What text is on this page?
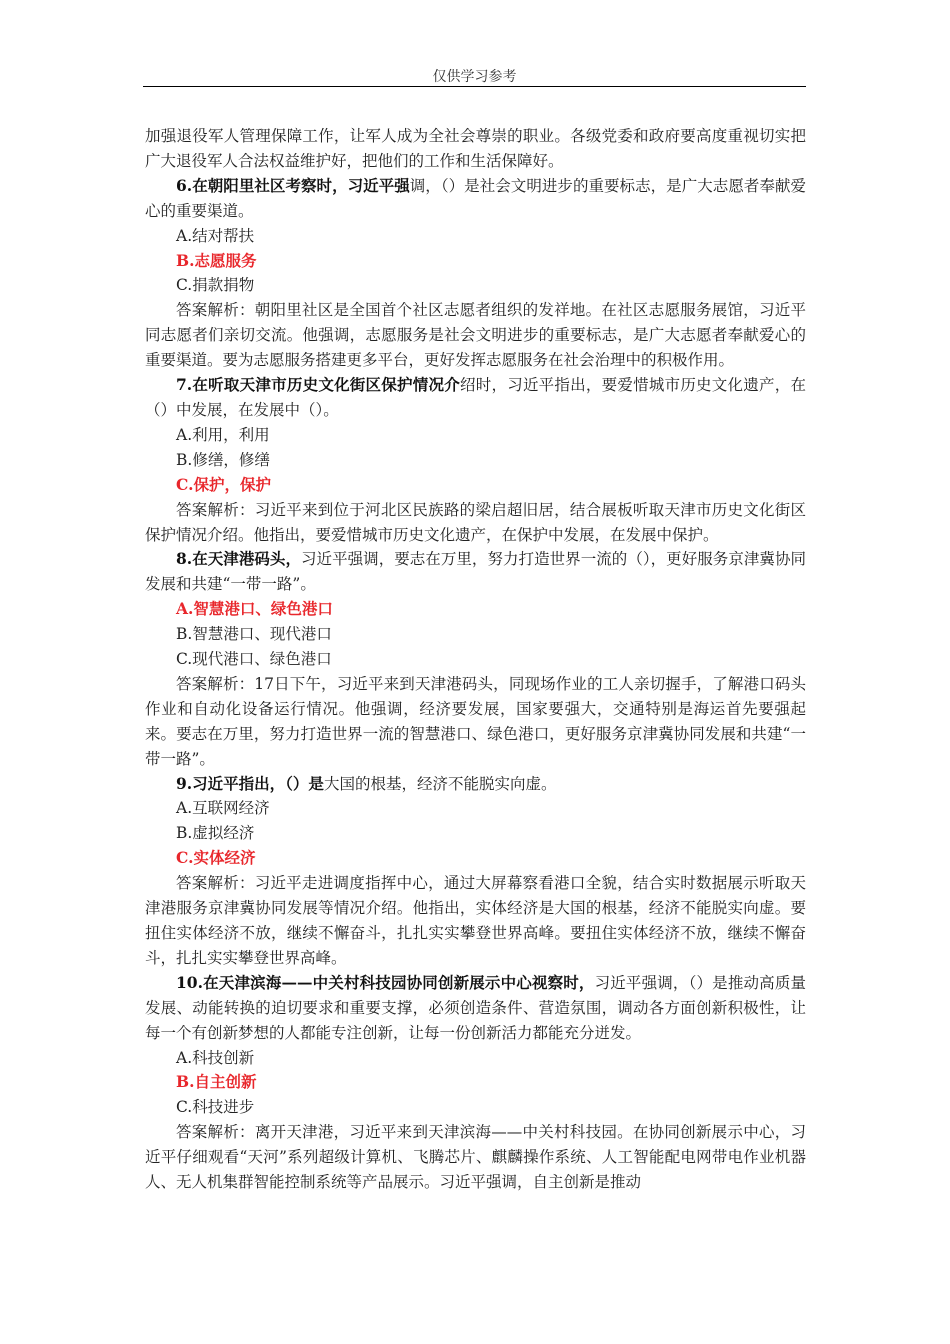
仅供学习参考

加强退役军人管理保障工作，让军人成为全社会尊崇的职业。各级党委和政府要高度重视切实把广大退役军人合法权益维护好，把他们的工作和生活保障好。

6.在朝阳里社区考察时，习近平强调，（）是社会文明进步的重要标志，是广大志愿者奉献爱心的重要渠道。

A.结对帮扶

B.志愿服务

C.捐款捐物

答案解析：朝阳里社区是全国首个社区志愿者组织的发祥地。在社区志愿服务展馆，习近平同志愿者们亲切交流。他强调，志愿服务是社会文明进步的重要标志，是广大志愿者奉献爱心的重要渠道。要为志愿服务搭建更多平台，更好发挥志愿服务在社会治理中的积极作用。

7.在听取天津市历史文化街区保护情况介绍时，习近平指出，要爱惜城市历史文化遗产，在（）中发展，在发展中（）。

A.利用，利用

B.修缮，修缮

C.保护，保护

答案解析：习近平来到位于河北区民族路的梁启超旧居，结合展板听取天津市历史文化街区保护情况介绍。他指出，要爱惜城市历史文化遗产，在保护中发展，在发展中保护。

8.在天津港码头，习近平强调，要志在万里，努力打造世界一流的（），更好服务京津冀协同发展和共建“一带一路”。

A.智慧港口、绿色港口

B.智慧港口、现代港口

C.现代港口、绿色港口

答案解析：17日下午，习近平来到天津港码头，同现场作业的工人亲切握手，了解港口码头作业和自动化设备运行情况。他强调，经济要发展，国家要强大，交通特别是海运首先要强起来。要志在万里，努力打造世界一流的智慧港口、绿色港口，更好服务京津冀协同发展和共建“一带一路”。

9.习近平指出，（）是大国的根基，经济不能脱实向虚。

A.互联网经济

B.虚拟经济

C.实体经济

答案解析：习近平走进调度指挥中心，通过大屏幕察看港口全貌，结合实时数据展示听取天津港服务京津冀协同发展等情况介绍。他指出，实体经济是大国的根基，经济不能脱实向虚。要扭住实体经济不放，继续不懈奋斗，扎扎实实攀登世界高峰。要扭住实体经济不放，继续不懈奋斗，扎扎实实攀登世界高峰。

10.在天津滨海——中关村科技园协同创新展示中心视察时，习近平强调，（）是推动高质量发展、动能转换的迫切要求和重要支撑，必须创造条件、营造氛围，调动各方面创新积极性，让每一个有创新梦想的人都能专注创新，让每一份创新活力都能充分迸发。

A.科技创新

B.自主创新

C.科技进步

答案解析：离开天津港，习近平来到天津滨海——中关村科技园。在协同创新展示中心，习近平仔细观看“天河”系列超级计算机、飞腾芯片、麒麟操作系统、人工智能配电网带电作业机器人、无人机集群智能控制系统等产品展示。习近平强调，自主创新是推动
